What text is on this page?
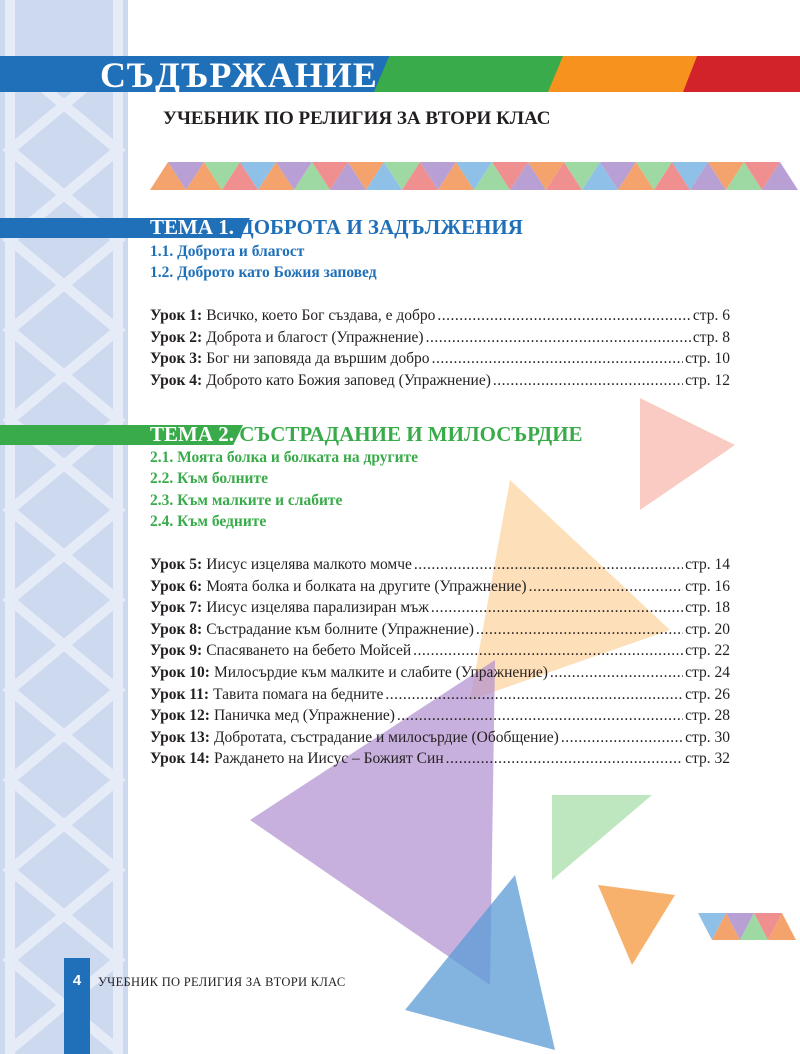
СЪДЪРЖАНИЕ
УЧЕБНИК ПО РЕЛИГИЯ ЗА ВТОРИ КЛАС
ТЕМА 1. ДОБРОТА И ЗАДЪЛЖЕНИЯ
1.1. Доброта и благост
1.2. Доброто като Божия заповед
Урок 1: Всичко, което Бог създава, е добро .....	стр. 6
Урок 2: Доброта и благост (Упражнение) .....	стр. 8
Урок 3: Бог ни заповяда да вършим добро .....	стр. 10
Урок 4: Доброто като Божия заповед (Упражнение) .....	стр. 12
ТЕМА 2. СЪСТРАДАНИЕ И МИЛОСЪРДИЕ
2.1. Моята болка и болката на другите
2.2. Към болните
2.3. Към малките и слабите
2.4. Към бедните
Урок 5: Иисус изцелява малкото момче .....	стр. 14
Урок 6: Моята болка и болката на другите (Упражнение) .....	стр. 16
Урок 7: Иисус изцелява парализиран мъж .....	стр. 18
Урок 8: Състрадание към болните (Упражнение) .....	стр. 20
Урок 9: Спасяването на бебето Мойсей .....	стр. 22
Урок 10: Милосърдие към малките и слабите (Упражнение) .....	стр. 24
Урок 11: Тавита помага на бедните .....	стр. 26
Урок 12: Паничка мед (Упражнение) .....	стр. 28
Урок 13: Добротата, състрадание и милосърдие (Обобщение) .....	стр. 30
Урок 14: Раждането на Иисус – Божият Син .....	стр. 32
4	УЧЕБНИК ПО РЕЛИГИЯ ЗА ВТОРИ КЛАС
